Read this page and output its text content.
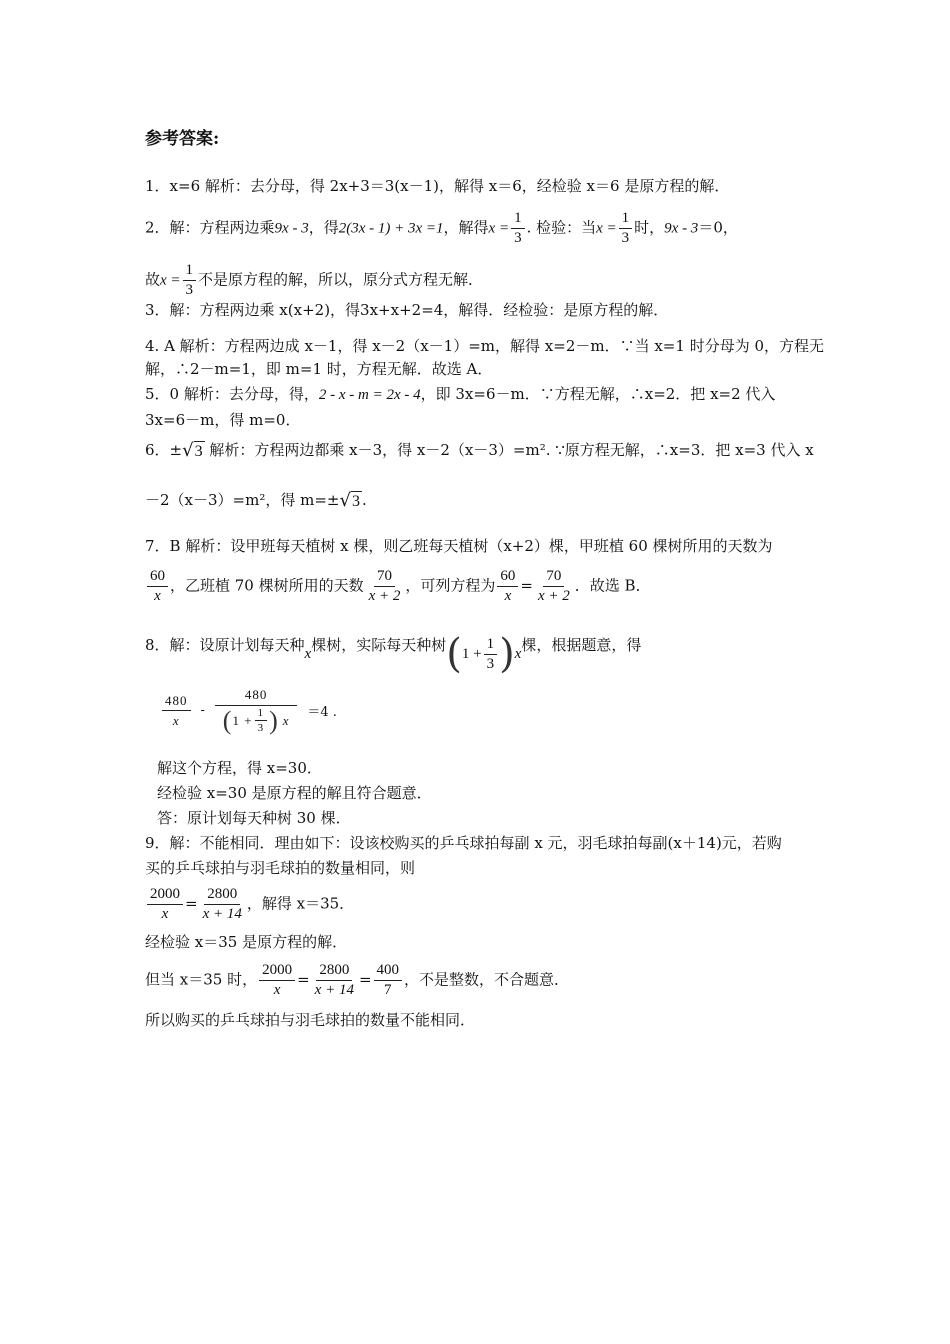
参考答案:
1．x=6 解析：去分母，得 2x+3＝3(x－1)，解得 x＝6，经检验 x＝6 是原方程的解．
2．解：方程两边乘9x - 3，得2(3x - 1) + 3x =1，解得$x = \frac{1}{3}$ . 检验：当$x = \frac{1}{3}$ 时，9x - 3＝0，
故$x = \frac{1}{3}$ 不是原方程的解，所以，原分式方程无解．
3．解：方程两边乘 x(x+2)，得3x+x+2=4，解得．经检验：是原方程的解．
4. A 解析：方程两边成 x－1，得 x－2（x－1）=m，解得 x=2－m．∵当 x=1 时分母为 0，方程无
解，∴2－m=1，即 m=1 时，方程无解．故选 A．
5．0 解析：去分母，得，2 - x - m = 2x - 4，即 3x=6－m．∵方程无解，∴x=2．把 x=2 代入
3x=6－m，得 m=0．
6．± √ 3 解析：方程两边都乘 x－3，得 x－2（x－3）=m². ∵原方程无解，∴x=3．把 x=3 代入 x
－2（x－3）=m²，得 m=± √ 3 .
7．B 解析：设甲班每天植树 x 棵，则乙班每天植树（x+2）棵，甲班植 60 棵树所用的天数为
$\frac{60}{x}$ ，乙班植 70 棵树所用的天数 $\frac{70}{x + 2}$ ，可列方程为 $\frac{60}{x} = \frac{70}{x + 2}$ ．故选 B．
8．解：设原计划每天种x棵树，实际每天种树 ( $1 + \frac{1}{3}$ ) x棵，根据题意，得
$\frac{480}{x} - \frac{480}{( 1 + \frac{1}{3} ) x} =4$ .
解这个方程，得 x=30．
经检验 x=30 是原方程的解且符合题意．
答：原计划每天种树 30 棵．
9．解：不能相同．理由如下：设该校购买的乒乓球拍每副 x 元，羽毛球拍每副(x＋14)元，若购
买的乒乓球拍与羽毛球拍的数量相同，则
$\frac{2000}{x} = \frac{2800}{x + 14}$ ，解得 x＝35．
经检验 x＝35 是原方程的解．
但当 x＝35 时， $\frac{2000}{x} = \frac{2800}{x + 14} = \frac{400}{7}$ ，不是整数，不合题意．
所以购买的乒乓球拍与羽毛球拍的数量不能相同．
